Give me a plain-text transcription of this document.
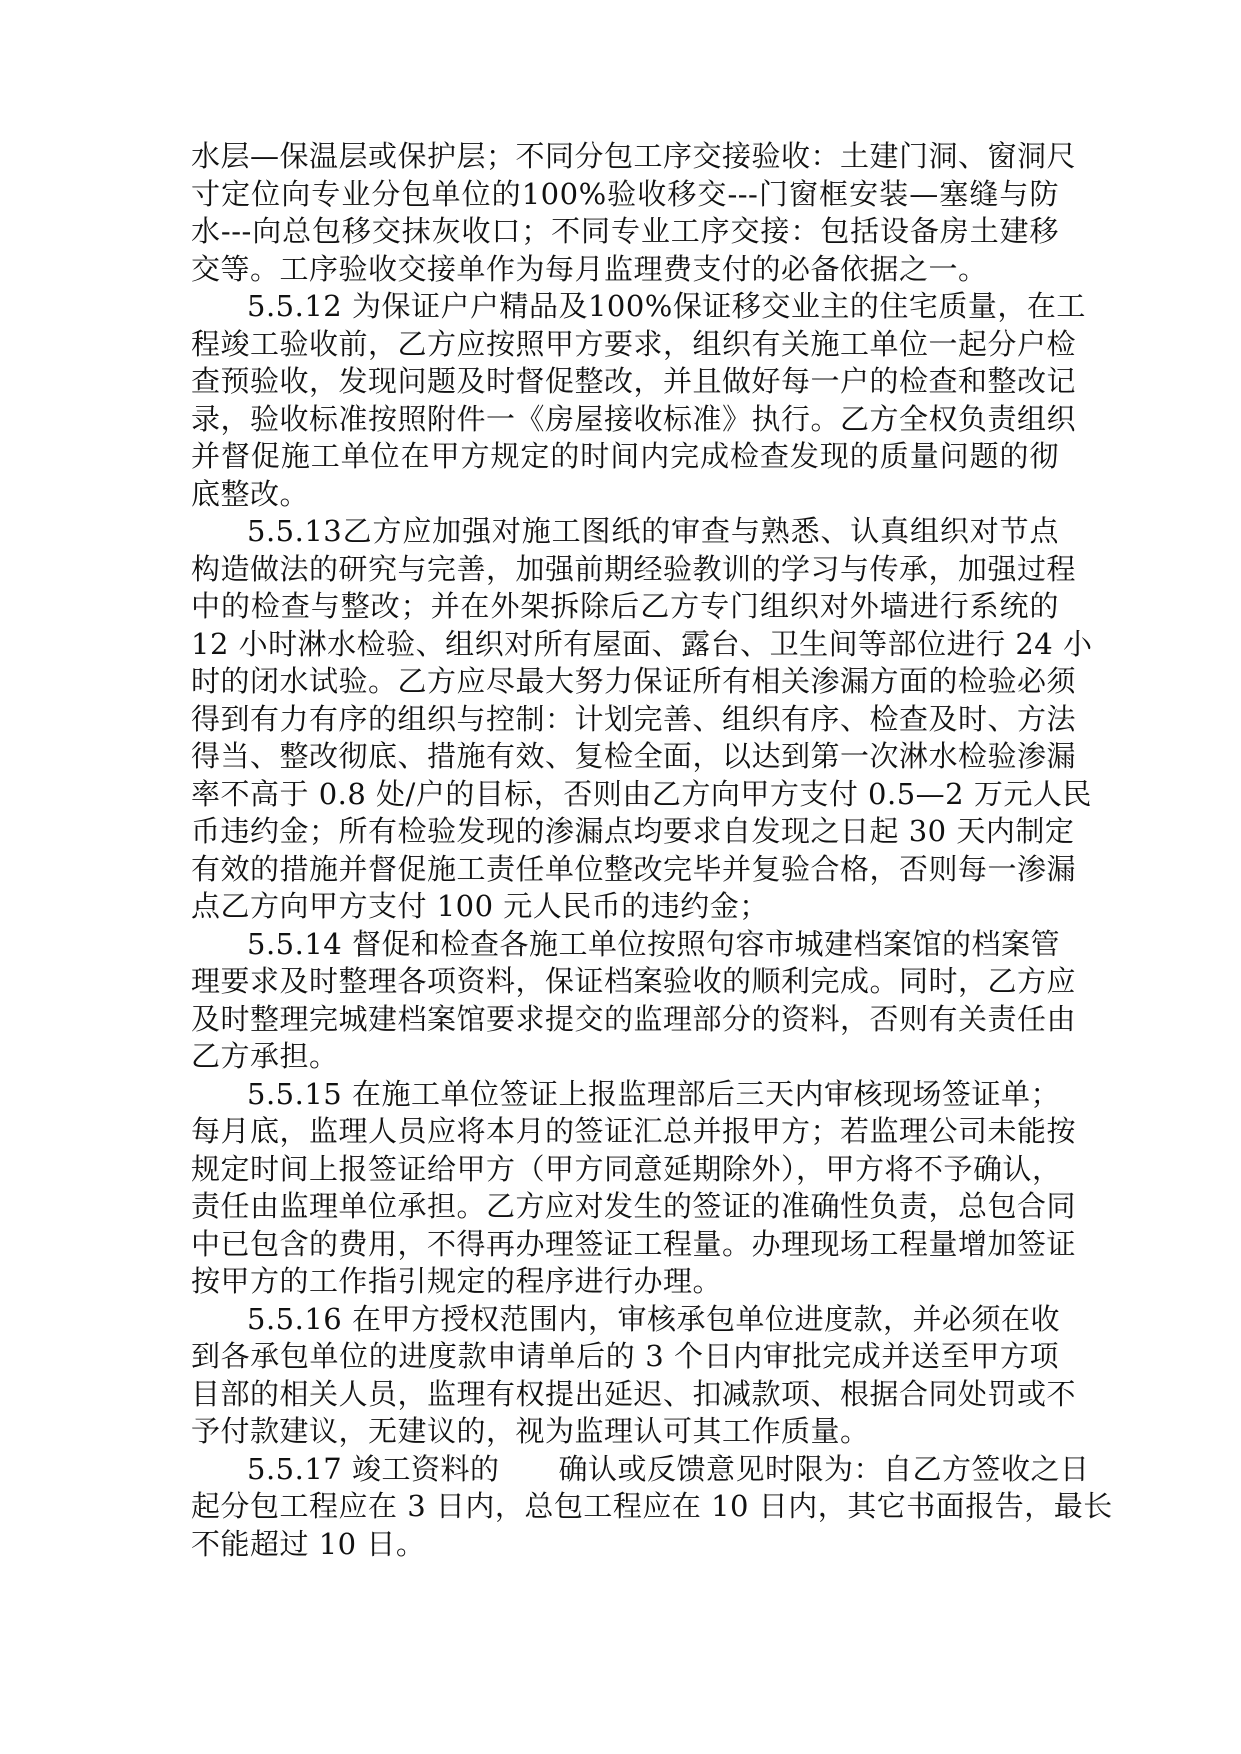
水层—保温层或保护层；不同分包工序交接验收：土建门洞、窗洞尺
寸定位向专业分包单位的100%验收移交---门窗框安装—塞缝与防
水---向总包移交抹灰收口；不同专业工序交接：包括设备房土建移
交等。工序验收交接单作为每月监理费支付的必备依据之一。
5.5.12 为保证户户精品及100%保证移交业主的住宅质量，在工
程竣工验收前，乙方应按照甲方要求，组织有关施工单位一起分户检
查预验收，发现问题及时督促整改，并且做好每一户的检查和整改记
录，验收标准按照附件一《房屋接收标准》执行。乙方全权负责组织
并督促施工单位在甲方规定的时间内完成检查发现的质量问题的彻
底整改。
5.5.13乙方应加强对施工图纸的审查与熟悉、认真组织对节点
构造做法的研究与完善，加强前期经验教训的学习与传承，加强过程
中的检查与整改；并在外架拆除后乙方专门组织对外墙进行系统的
12 小时淋水检验、组织对所有屋面、露台、卫生间等部位进行 24 小
时的闭水试验。乙方应尽最大努力保证所有相关渗漏方面的检验必须
得到有力有序的组织与控制：计划完善、组织有序、检查及时、方法
得当、整改彻底、措施有效、复检全面，以达到第一次淋水检验渗漏
率不高于 0.8 处/户的目标，否则由乙方向甲方支付 0.5—2 万元人民
币违约金；所有检验发现的渗漏点均要求自发现之日起 30 天内制定
有效的措施并督促施工责任单位整改完毕并复验合格，否则每一渗漏
点乙方向甲方支付 100 元人民币的违约金；
5.5.14 督促和检查各施工单位按照句容市城建档案馆的档案管
理要求及时整理各项资料，保证档案验收的顺利完成。同时，乙方应
及时整理完城建档案馆要求提交的监理部分的资料，否则有关责任由
乙方承担。
5.5.15 在施工单位签证上报监理部后三天内审核现场签证单；
每月底，监理人员应将本月的签证汇总并报甲方；若监理公司未能按
规定时间上报签证给甲方（甲方同意延期除外），甲方将不予确认，
责任由监理单位承担。乙方应对发生的签证的准确性负责，总包合同
中已包含的费用，不得再办理签证工程量。办理现场工程量增加签证
按甲方的工作指引规定的程序进行办理。
5.5.16 在甲方授权范围内，审核承包单位进度款，并必须在收
到各承包单位的进度款申请单后的 3 个日内审批完成并送至甲方项
目部的相关人员，监理有权提出延迟、扣减款项、根据合同处罚或不
予付款建议，无建议的，视为监理认可其工作质量。
5.5.17 竣工资料的　　确认或反馈意见时限为：自乙方签收之日
起分包工程应在 3 日内，总包工程应在 10 日内，其它书面报告，最长
不能超过 10 日。
